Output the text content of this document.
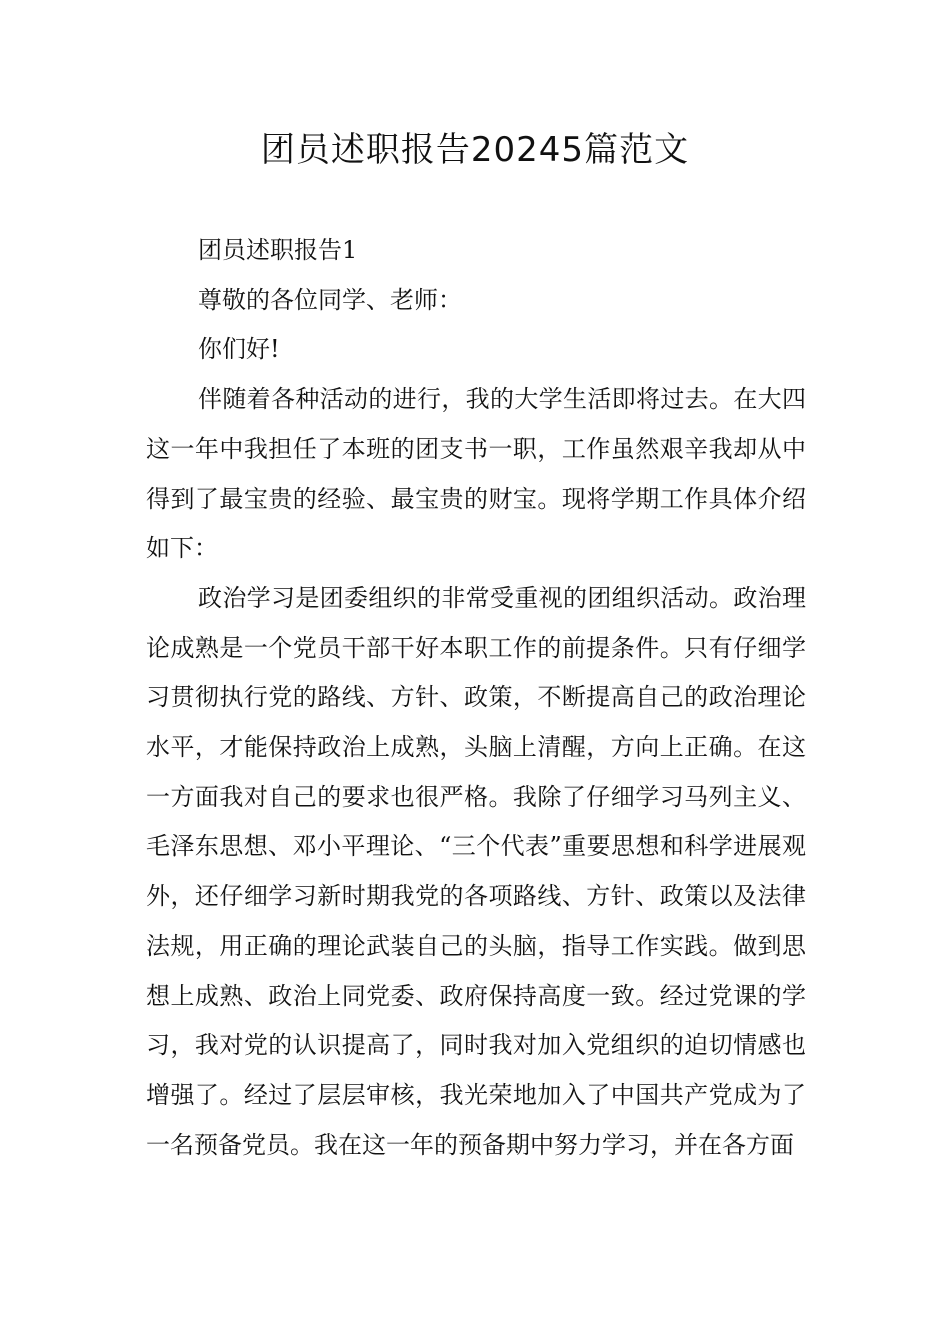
团员述职报告20245篇范文

团员述职报告1

尊敬的各位同学、老师：

你们好!

伴随着各种活动的进行，我的大学生活即将过去。在大四这一年中我担任了本班的团支书一职，工作虽然艰辛我却从中得到了最宝贵的经验、最宝贵的财宝。现将学期工作具体介绍如下：

政治学习是团委组织的非常受重视的团组织活动。政治理论成熟是一个党员干部干好本职工作的前提条件。只有仔细学习贯彻执行党的路线、方针、政策，不断提高自己的政治理论水平，才能保持政治上成熟，头脑上清醒，方向上正确。在这一方面我对自己的要求也很严格。我除了仔细学习马列主义、毛泽东思想、邓小平理论、“三个代表”重要思想和科学进展观外，还仔细学习新时期我党的各项路线、方针、政策以及法律法规，用正确的理论武装自己的头脑，指导工作实践。做到思想上成熟、政治上同党委、政府保持高度一致。经过党课的学习，我对党的认识提高了，同时我对加入党组织的迫切情感也增强了。经过了层层审核，我光荣地加入了中国共产党成为了一名预备党员。我在这一年的预备期中努力学习，并在各方面
